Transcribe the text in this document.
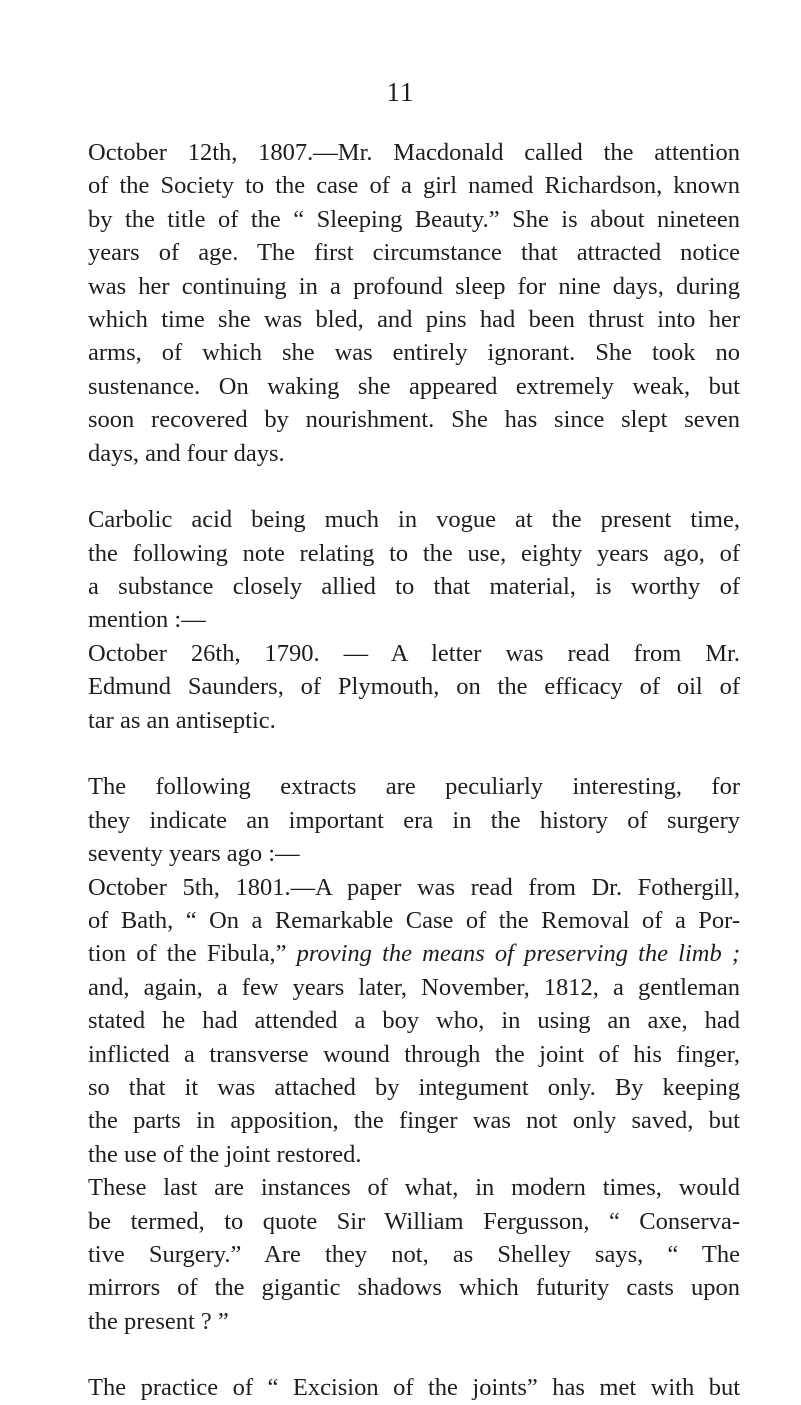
11
October 12th, 1807.—Mr. Macdonald called the attention
of the Society to the case of a girl named Richardson, known
by the title of the “ Sleeping Beauty.” She is about nineteen
years of age. The first circumstance that attracted notice
was her continuing in a profound sleep for nine days, during
which time she was bled, and pins had been thrust into her
arms, of which she was entirely ignorant. She took no
sustenance. On waking she appeared extremely weak, but
soon recovered by nourishment. She has since slept seven
days, and four days.
Carbolic acid being much in vogue at the present time,
the following note relating to the use, eighty years ago, of
a substance closely allied to that material, is worthy of
mention :—
October 26th, 1790. — A letter was read from Mr.
Edmund Saunders, of Plymouth, on the efficacy of oil of
tar as an antiseptic.
The following extracts are peculiarly interesting, for
they indicate an important era in the history of surgery
seventy years ago :—
October 5th, 1801.—A paper was read from Dr. Fothergill,
of Bath, “ On a Remarkable Case of the Removal of a Por-
tion of the Fibula,” proving the means of preserving the limb ;
and, again, a few years later, November, 1812, a gentleman
stated he had attended a boy who, in using an axe, had
inflicted a transverse wound through the joint of his finger,
so that it was attached by integument only. By keeping
the parts in apposition, the finger was not only saved, but
the use of the joint restored.
These last are instances of what, in modern times, would
be termed, to quote Sir William Fergusson, “ Conserva-
tive Surgery.” Are they not, as Shelley says, “ The
mirrors of the gigantic shadows which futurity casts upon
the present ? ”
The practice of “ Excision of the joints” has met with but
